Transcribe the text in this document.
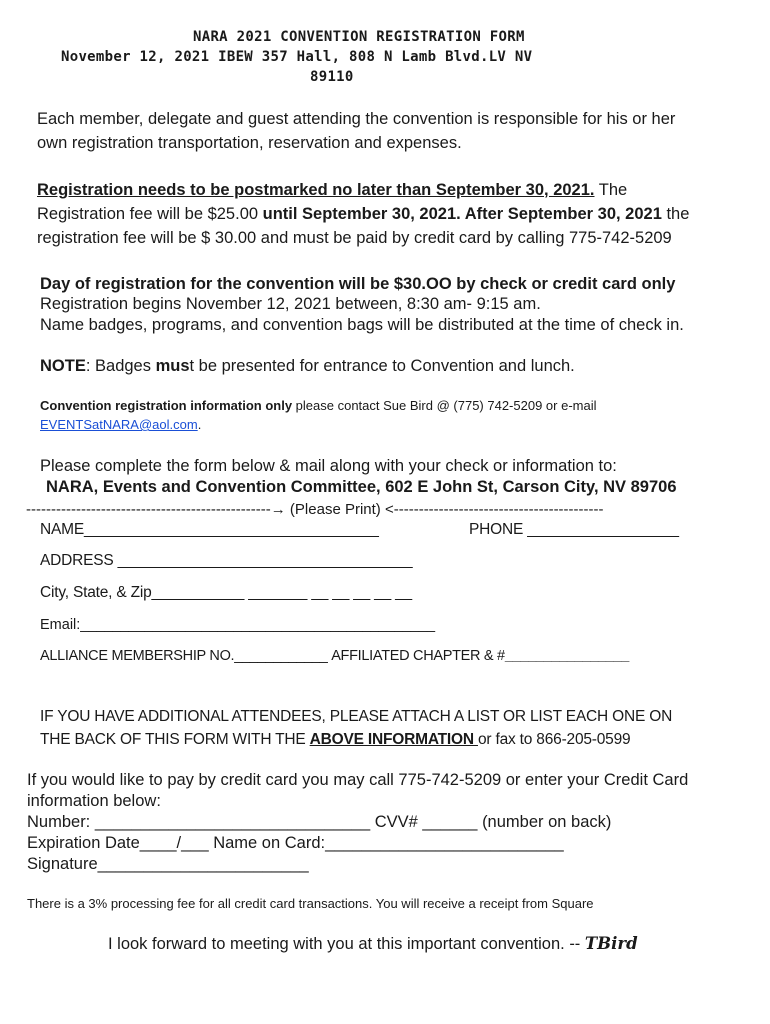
NARA 2021 CONVENTION REGISTRATION FORM
November 12, 2021 IBEW 357 Hall, 808 N Lamb Blvd.LV NV
89110
Each member, delegate and guest attending the convention is responsible for his or her
own registration transportation, reservation and expenses.
Registration needs to be postmarked no later than September 30, 2021. The
Registration fee will be $25.00 until September 30, 2021. After September 30, 2021 the
registration fee will be $ 30.00 and must be paid by credit card by calling 775-742-5209
Day of registration for the convention will be $30.OO by check or credit card only
Registration begins November 12, 2021 between, 8:30 am- 9:15 am.
Name badges, programs, and convention bags will be distributed at the time of check in.
NOTE: Badges must be presented for entrance to Convention and lunch.
Convention registration information only please contact Sue Bird @ (775) 742-5209 or e-mail
EVENTSatNARA@aol.com.
Please complete the form below & mail along with your check or information to:
NARA, Events and Convention Committee, 602 E John St, Carson City, NV 89706
-------------------------------------------------→ (Please Print) <------------------------------------------
NAME___________________________________	PHONE __________________
ADDRESS ___________________________________
City, State, & Zip___________ _______ __ __ __ __ __
Email:____________________________________________
ALLIANCE MEMBERSHIP NO.____________ AFFILIATED CHAPTER & #________________
IF YOU HAVE ADDITIONAL ATTENDEES, PLEASE ATTACH A LIST OR LIST EACH ONE ON
THE BACK OF THIS FORM WITH THE ABOVE INFORMATION or fax to 866-205-0599
If you would like to pay by credit card you may call 775-742-5209 or enter your Credit Card
information below:
Number: ______________________________ CVV# ______ (number on back)
Expiration Date____/___ Name on Card:__________________________
Signature_______________________
There is a 3% processing fee for all credit card transactions. You will receive a receipt from Square
I look forward to meeting with you at this important convention. -- TBird
